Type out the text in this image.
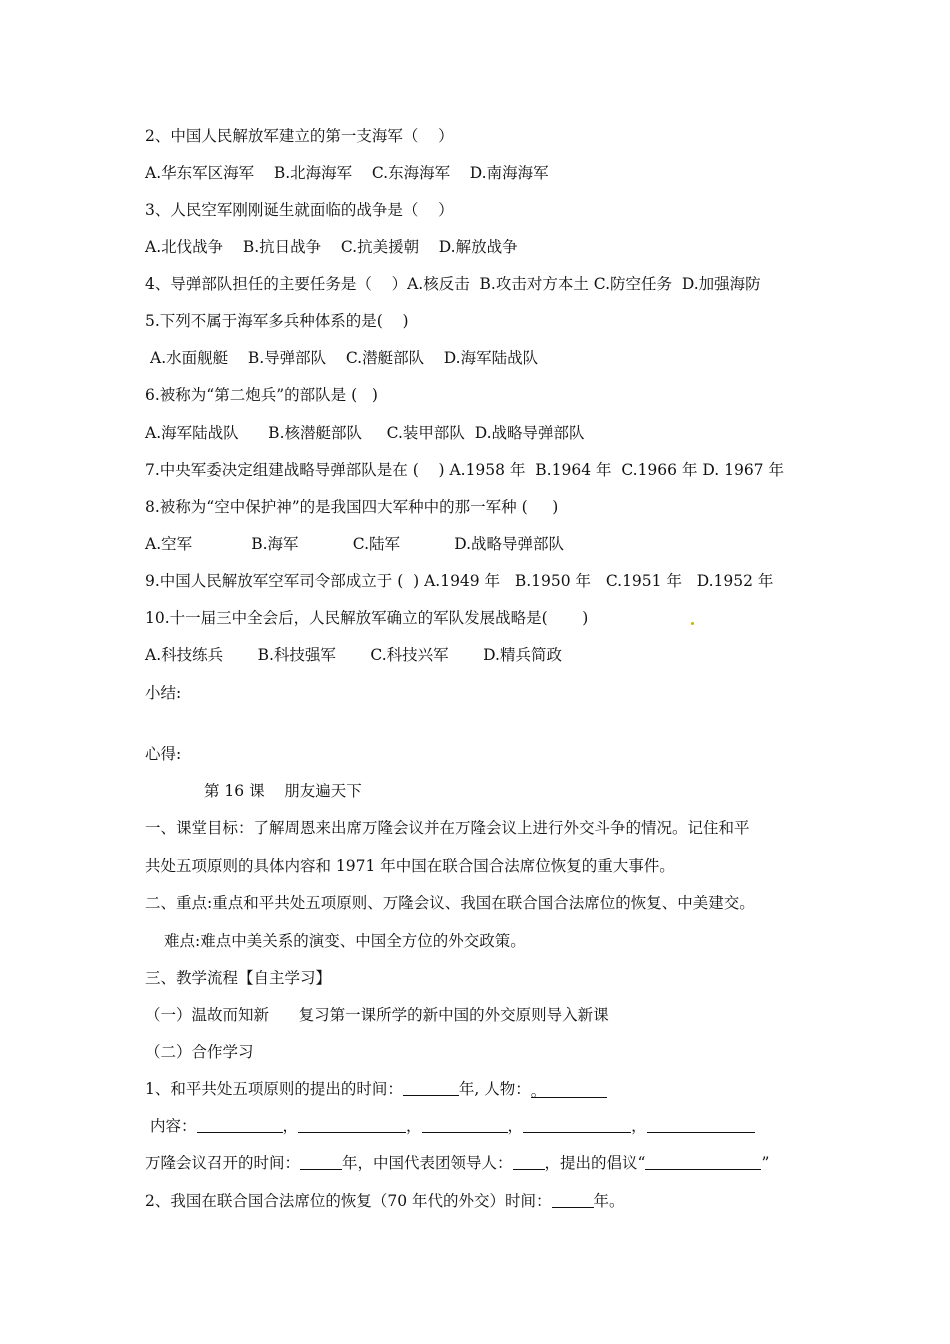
2、中国人民解放军建立的第一支海军（    ）

A.华东军区海军    B.北海海军    C.东海海军    D.南海海军

3、人民空军刚刚诞生就面临的战争是（    ）

A.北伐战争    B.抗日战争    C.抗美援朝    D.解放战争

4、导弹部队担任的主要任务是（    ）A.核反击  B.攻击对方本土 C.防空任务  D.加强海防

5.下列不属于海军多兵种体系的是(    )

A.水面舰艇    B.导弹部队    C.潜艇部队    D.海军陆战队

6.被称为“第二炮兵”的部队是 (   )

A.海军陆战队      B.核潜艇部队     C.装甲部队  D.战略导弹部队

7.中央军委决定组建战略导弹部队是在 (    ) A.1958 年  B.1964 年  C.1966 年 D. 1967 年

8.被称为“空中保护神”的是我国四大军种中的那一军种 (     )

A.空军            B.海军           C.陆军           D.战略导弹部队

9.中国人民解放军空军司令部成立于 (  ) A.1949 年   B.1950 年   C.1951 年   D.1952 年

10.十一届三中全会后，人民解放军确立的军队发展战略是(       )

A.科技练兵       B.科技强军       C.科技兴军       D.精兵简政

小结:

心得:

第 16 课    朋友遍天下

一、课堂目标：了解周恩来出席万隆会议并在万隆会议上进行外交斗争的情况。记住和平

共处五项原则的具体内容和 1971 年中国在联合国合法席位恢复的重大事件。

二、重点:重点和平共处五项原则、万隆会议、我国在联合国合法席位的恢复、中美建交。

难点:难点中美关系的演变、中国全方位的外交政策。

三、教学流程【自主学习】

（一）温故而知新      复习第一课所学的新中国的外交原则导入新课

（二）合作学习

1、和平共处五项原则的提出的时间：	年, 人物：。

内容：	，	，	，	，

万隆会议召开的时间：	年，中国代表团领导人： ，提出的倡议“	”

2、我国在联合国合法席位的恢复（70 年代的外交）时间：	年。
